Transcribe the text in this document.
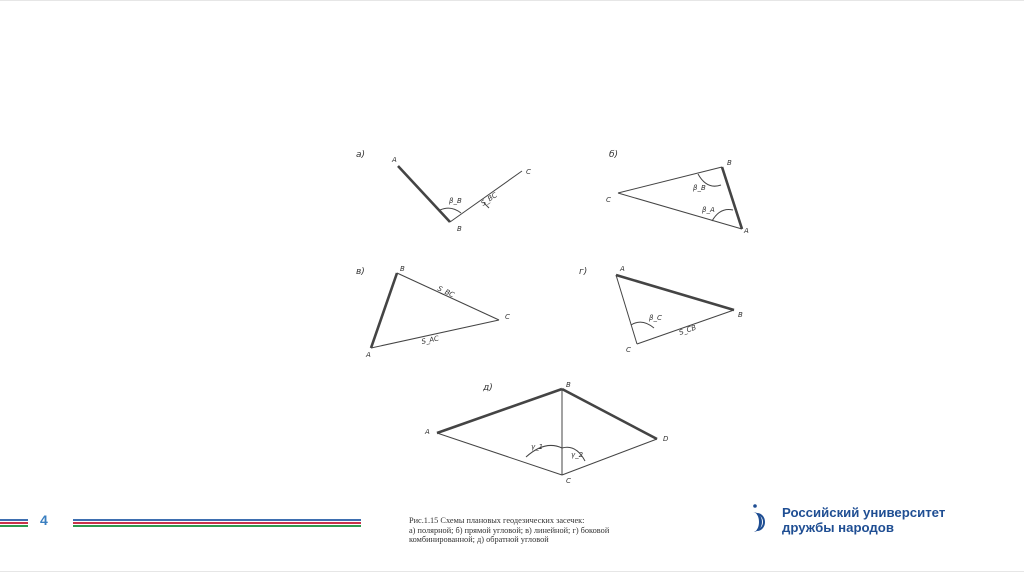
а)	б)
в)	г)
д)
A
B
C
β_B	S_BC
B
C
A
β_B
β_A
B
C
A
S_BC
S_AC
A
B
C
β_C
S_CB
B
A
D
C
γ_1
γ_2
Рис.1.15 Схемы плановых геодезических засечек:
а) полярной; б) прямой угловой; в) линейной; г) боковой
комбинированной; д) обратной угловой
4	Российский университет
дружбы народов
